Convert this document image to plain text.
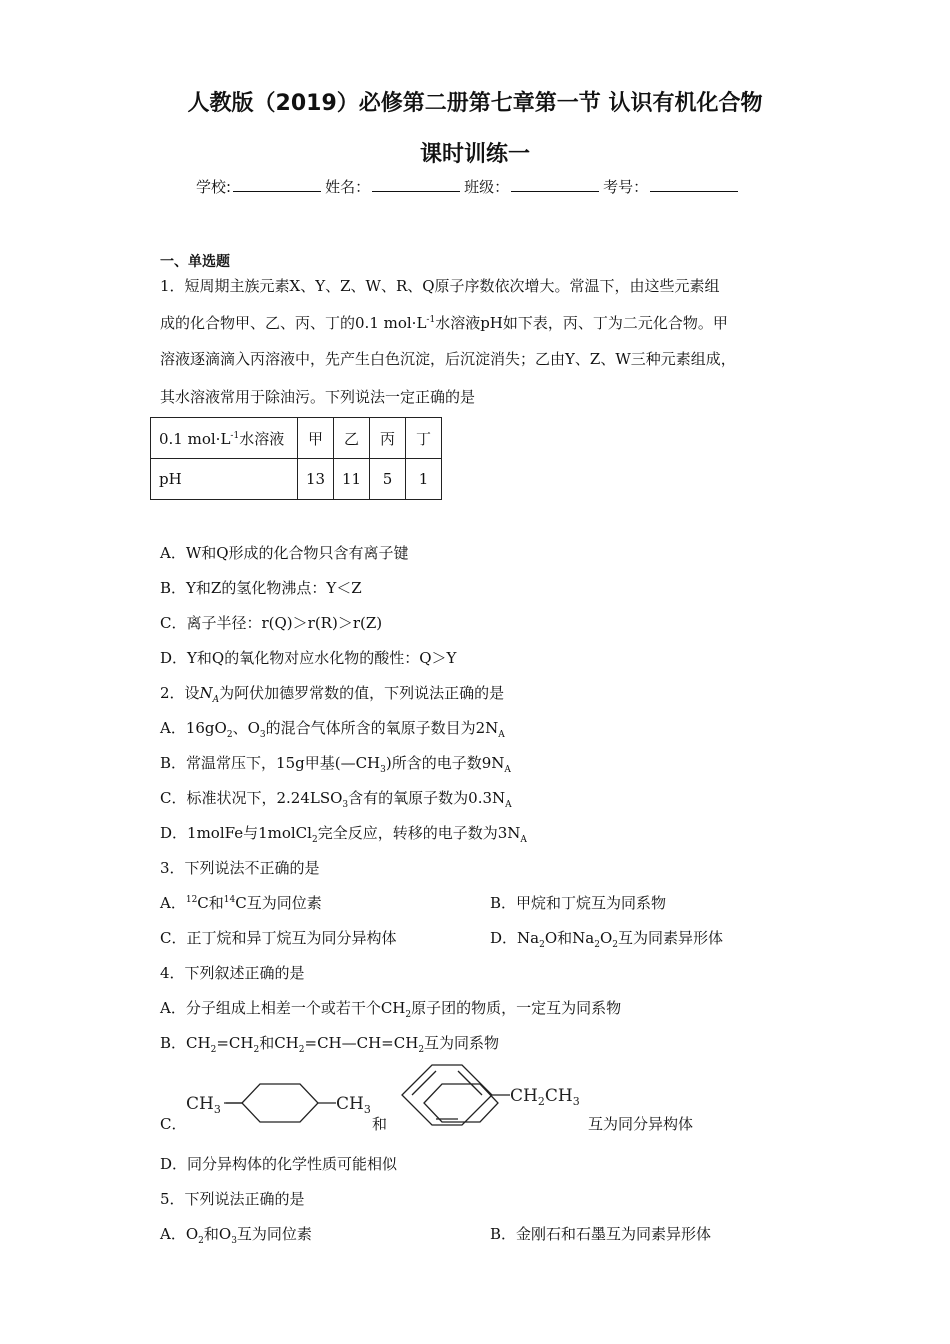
人教版（2019）必修第二册第七章第一节 认识有机化合物
课时训练一
学校:	姓名：	班级：	考号：
一、单选题
1．短周期主族元素X、Y、Z、W、R、Q原子序数依次增大。常温下，由这些元素组
成的化合物甲、乙、丙、丁的0.1 $mol\cdot L^{-1}$水溶液pH如下表，丙、丁为二元化合物。甲
溶液逐滴滴入丙溶液中，先产生白色沉淀，后沉淀消失；乙由Y、Z、W三种元素组成，
其水溶液常用于除油污。下列说法一定正确的是
0.1 $mol\cdot L^{-1}$水溶液	甲	乙	丙	丁
pH	13	11	5	1
A．W和Q形成的化合物只含有离子键
B．Y和Z的氢化物沸点：Y＜Z
C．离子半径：r(Q)＞r(R)＞r(Z)
D．Y和Q的氧化物对应水化物的酸性：Q＞Y
2．设$N_A$为阿伏加德罗常数的值，下列说法正确的是
A．$16gO_2$、$O_3$的混合气体所含的氧原子数目为$2N_A$
B．常温常压下，15g甲基$(—CH_3)$所含的电子数$9N_A$
C．标准状况下，$2.24LSO_3$含有的氧原子数为$0.3N_A$
D．1molFe与1molCl$_2$完全反应，转移的电子数为$3N_A$
3．下列说法不正确的是
A．$^{12}$C和$^{14}$C互为同位素	B．甲烷和丁烷互为同系物
C．正丁烷和异丁烷互为同分异构体	D．$Na_2O$和$Na_2O_2$互为同素异形体
4．下列叙述正确的是
A．分子组成上相差一个或若干个$CH_2$原子团的物质，一定互为同系物
B．$CH_2=CH_2$和$CH_2=CH—CH=CH_2$互为同系物
C．
$CH_3$	$CH_3$
$CH_2CH_3$
和	互为同分异构体
D．同分异构体的化学性质可能相似
5．下列说法正确的是
A．$O_2$和$O_3$互为同位素	B．金刚石和石墨互为同素异形体
